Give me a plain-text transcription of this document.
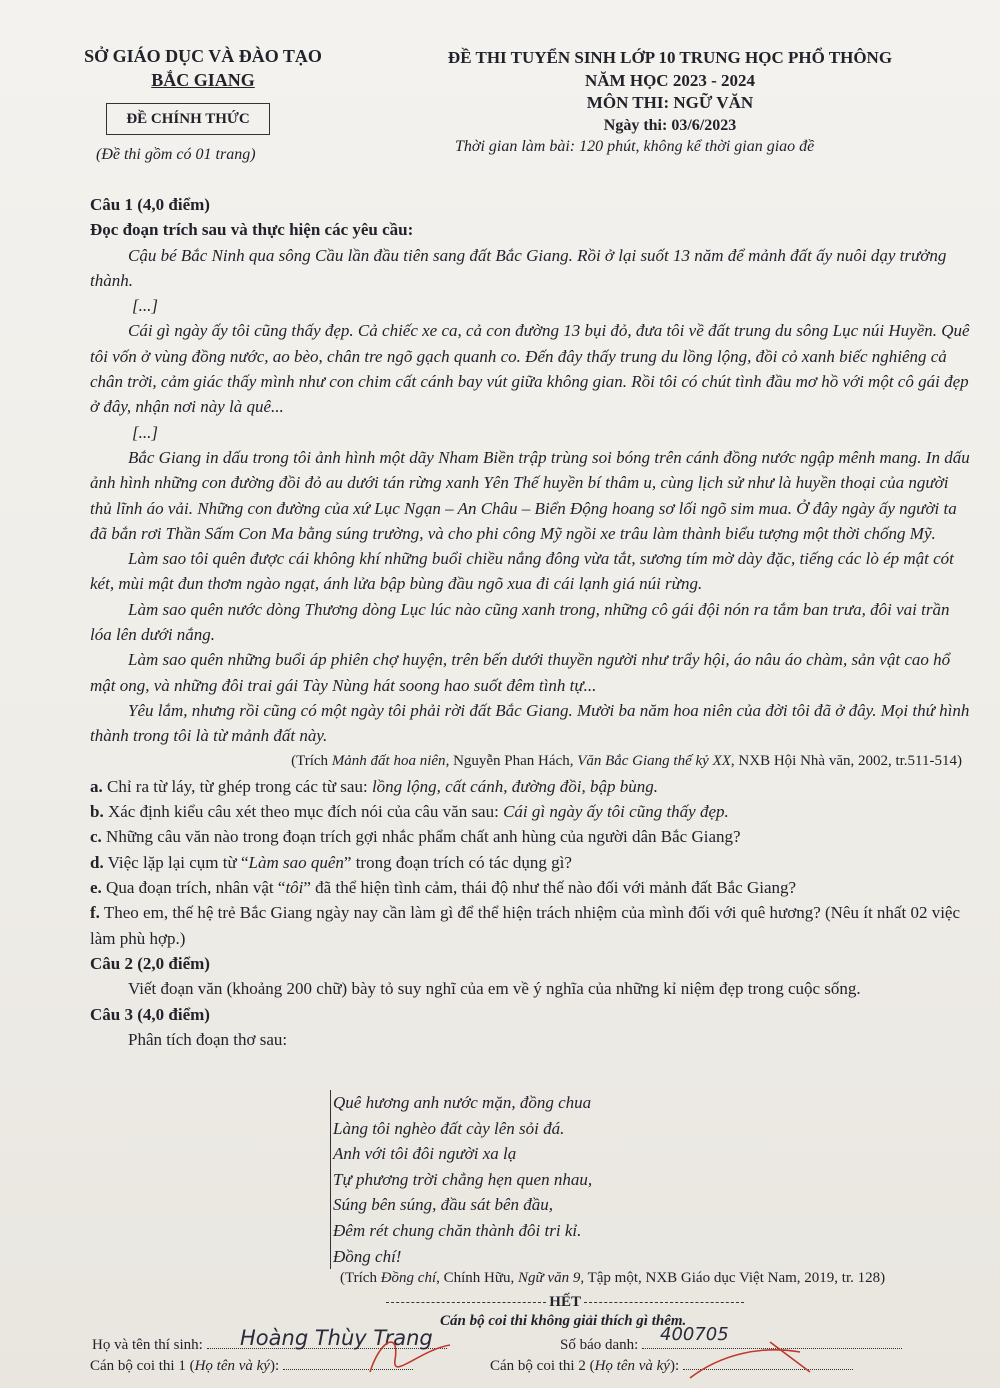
SỞ GIÁO DỤC VÀ ĐÀO TẠO
BẮC GIANG
ĐỀ CHÍNH THỨC
(Đề thi gồm có 01 trang)
ĐỀ THI TUYỂN SINH LỚP 10 TRUNG HỌC PHỔ THÔNG
NĂM HỌC 2023 - 2024
MÔN THI: NGỮ VĂN
Ngày thi: 03/6/2023
Thời gian làm bài: 120 phút, không kể thời gian giao đề

Câu 1 (4,0 điểm)

Đọc đoạn trích sau và thực hiện các yêu cầu:

Cậu bé Bắc Ninh qua sông Cầu lần đầu tiên sang đất Bắc Giang. Rồi ở lại suốt 13 năm để mảnh đất ấy nuôi dạy trưởng thành.

[...]

Cái gì ngày ấy tôi cũng thấy đẹp. Cả chiếc xe ca, cả con đường 13 bụi đỏ, đưa tôi về đất trung du sông Lục núi Huyền. Quê tôi vốn ở vùng đồng nước, ao bèo, chân tre ngõ gạch quanh co. Đến đây thấy trung du lồng lộng, đồi cỏ xanh biếc nghiêng cả chân trời, cảm giác thấy mình như con chim cất cánh bay vút giữa không gian. Rồi tôi có chút tình đầu mơ hồ với một cô gái đẹp ở đây, nhận nơi này là quê...

[...]

Bắc Giang in dấu trong tôi ảnh hình một dãy Nham Biền trập trùng soi bóng trên cánh đồng nước ngập mênh mang. In dấu ảnh hình những con đường đồi đỏ au dưới tán rừng xanh Yên Thế huyền bí thâm u, cùng lịch sử như là huyền thoại của người thủ lĩnh áo vải. Những con đường của xứ Lục Ngạn – An Châu – Biển Động hoang sơ lối ngõ sim mua. Ở đây ngày ấy người ta đã bắn rơi Thần Sấm Con Ma bằng súng trường, và cho phi công Mỹ ngồi xe trâu làm thành biểu tượng một thời chống Mỹ.

Làm sao tôi quên được cái không khí những buổi chiều nắng đông vừa tắt, sương tím mờ dày đặc, tiếng các lò ép mật cót két, mùi mật đun thơm ngào ngạt, ánh lửa bập bùng đầu ngõ xua đi cái lạnh giá núi rừng.

Làm sao quên nước dòng Thương dòng Lục lúc nào cũng xanh trong, những cô gái đội nón ra tắm ban trưa, đôi vai trần lóa lên dưới nắng.

Làm sao quên những buổi áp phiên chợ huyện, trên bến dưới thuyền người như trẩy hội, áo nâu áo chàm, sản vật cao hổ mật ong, và những đôi trai gái Tày Nùng hát soong hao suốt đêm tình tự...

Yêu lắm, nhưng rồi cũng có một ngày tôi phải rời đất Bắc Giang. Mười ba năm hoa niên của đời tôi đã ở đây. Mọi thứ hình thành trong tôi là từ mảnh đất này.

(Trích Mảnh đất hoa niên, Nguyễn Phan Hách, Văn Bắc Giang thế kỷ XX, NXB Hội Nhà văn, 2002, tr.511-514)

a. Chỉ ra từ láy, từ ghép trong các từ sau: lồng lộng, cất cánh, đường đồi, bập bùng.

b. Xác định kiểu câu xét theo mục đích nói của câu văn sau: Cái gì ngày ấy tôi cũng thấy đẹp.

c. Những câu văn nào trong đoạn trích gợi nhắc phẩm chất anh hùng của người dân Bắc Giang?

d. Việc lặp lại cụm từ “Làm sao quên” trong đoạn trích có tác dụng gì?

e. Qua đoạn trích, nhân vật “tôi” đã thể hiện tình cảm, thái độ như thế nào đối với mảnh đất Bắc Giang?

f. Theo em, thế hệ trẻ Bắc Giang ngày nay cần làm gì để thể hiện trách nhiệm của mình đối với quê hương? (Nêu ít nhất 02 việc làm phù hợp.)

Câu 2 (2,0 điểm)

Viết đoạn văn (khoảng 200 chữ) bày tỏ suy nghĩ của em về ý nghĩa của những kỉ niệm đẹp trong cuộc sống.

Câu 3 (4,0 điểm)

Phân tích đoạn thơ sau:

Quê hương anh nước mặn, đồng chua
Làng tôi nghèo đất cày lên sỏi đá.
Anh với tôi đôi người xa lạ
Tự phương trời chẳng hẹn quen nhau,
Súng bên súng, đầu sát bên đầu,
Đêm rét chung chăn thành đôi tri kỉ.
Đồng chí!
(Trích Đồng chí, Chính Hữu, Ngữ văn 9, Tập một, NXB Giáo dục Việt Nam, 2019, tr. 128)
HẾT
Cán bộ coi thi không giải thích gì thêm.
Họ và tên thí sinh:	Hoàng Thùy Trang	Số báo danh: 400705
Cán bộ coi thi 1 (Họ tên và ký):	Cán bộ coi thi 2 (Họ tên và ký):
